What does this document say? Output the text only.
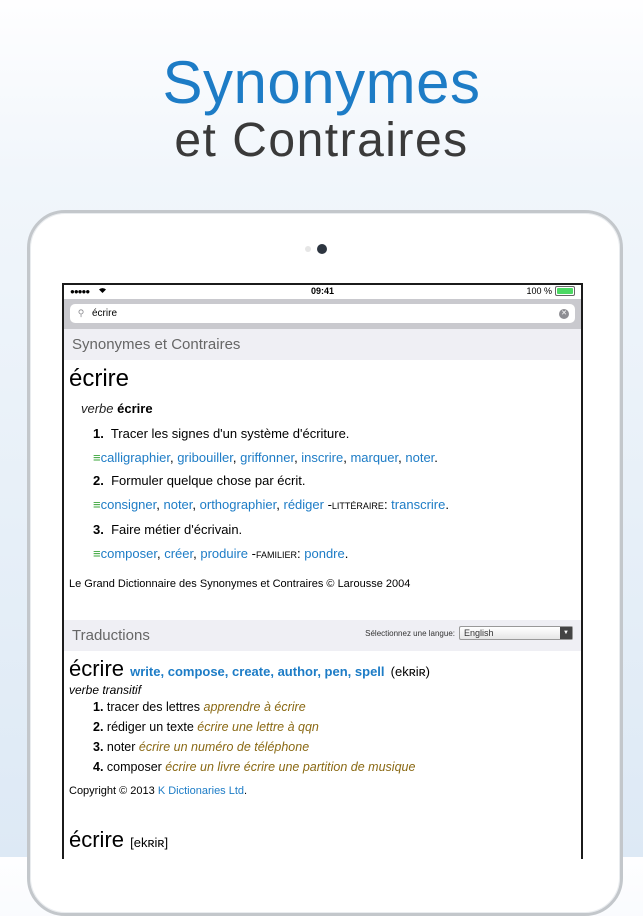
Synonymes
et Contraires
●●●●●	09:41	100 %
⚲
écrire	✕
Synonymes et Contraires
écrire
verbe écrire
1. Tracer les signes d'un système d'écriture.
≡calligraphier, gribouiller, griffonner, inscrire, marquer, noter.
2. Formuler quelque chose par écrit.
≡consigner, noter, orthographier, rédiger -LITTÉRAIRE: transcrire.
3. Faire métier d'écrivain.
≡composer, créer, produire -FAMILIER: pondre.
Le Grand Dictionnaire des Synonymes et Contraires © Larousse 2004
Traductions	Sélectionnez une langue: English	▼
écrire write, compose, create, author, pen, spell (ekʀiʀ)
verbe transitif
1. tracer des lettres apprendre à écrire
2. rédiger un texte écrire une lettre à qqn
3. noter écrire un numéro de téléphone
4. composer écrire un livre écrire une partition de musique
Copyright © 2013 K Dictionaries Ltd.
écrire [ekʀiʀ]
